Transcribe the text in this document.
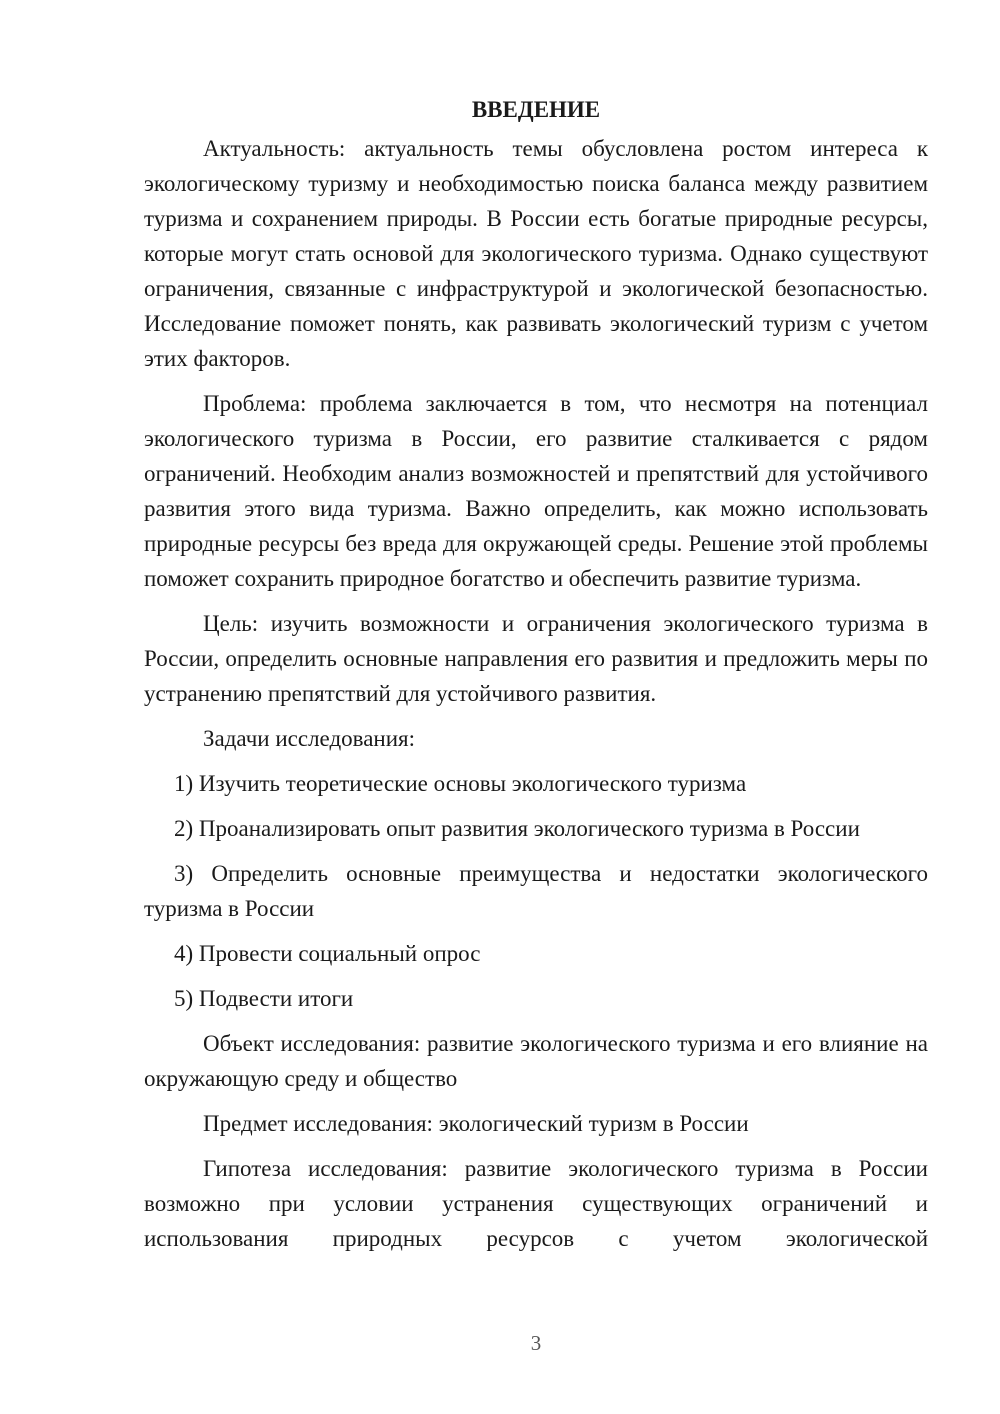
ВВЕДЕНИЕ

Актуальность: актуальность темы обусловлена ростом интереса к экологическому туризму и необходимостью поиска баланса между развитием туризма и сохранением природы. В России есть богатые природные ресурсы, которые могут стать основой для экологического туризма. Однако существуют ограничения, связанные с инфраструктурой и экологической безопасностью. Исследование поможет понять, как развивать экологический туризм с учетом этих факторов.

Проблема: проблема заключается в том, что несмотря на потенциал экологического туризма в России, его развитие сталкивается с рядом ограничений. Необходим анализ возможностей и препятствий для устойчивого развития этого вида туризма. Важно определить, как можно использовать природные ресурсы без вреда для окружающей среды. Решение этой проблемы поможет сохранить природное богатство и обеспечить развитие туризма.

Цель: изучить возможности и ограничения экологического туризма в России, определить основные направления его развития и предложить меры по устранению препятствий для устойчивого развития.

Задачи исследования:

1) Изучить теоретические основы экологического туризма

2) Проанализировать опыт развития экологического туризма в России

3) Определить основные преимущества и недостатки экологического туризма в России

4) Провести социальный опрос

5) Подвести итоги

Объект исследования: развитие экологического туризма и его влияние на окружающую среду и общество

Предмет исследования: экологический туризм в России

Гипотеза исследования: развитие экологического туризма в России возможно при условии устранения существующих ограничений и использования природных ресурсов с учетом экологической

3
